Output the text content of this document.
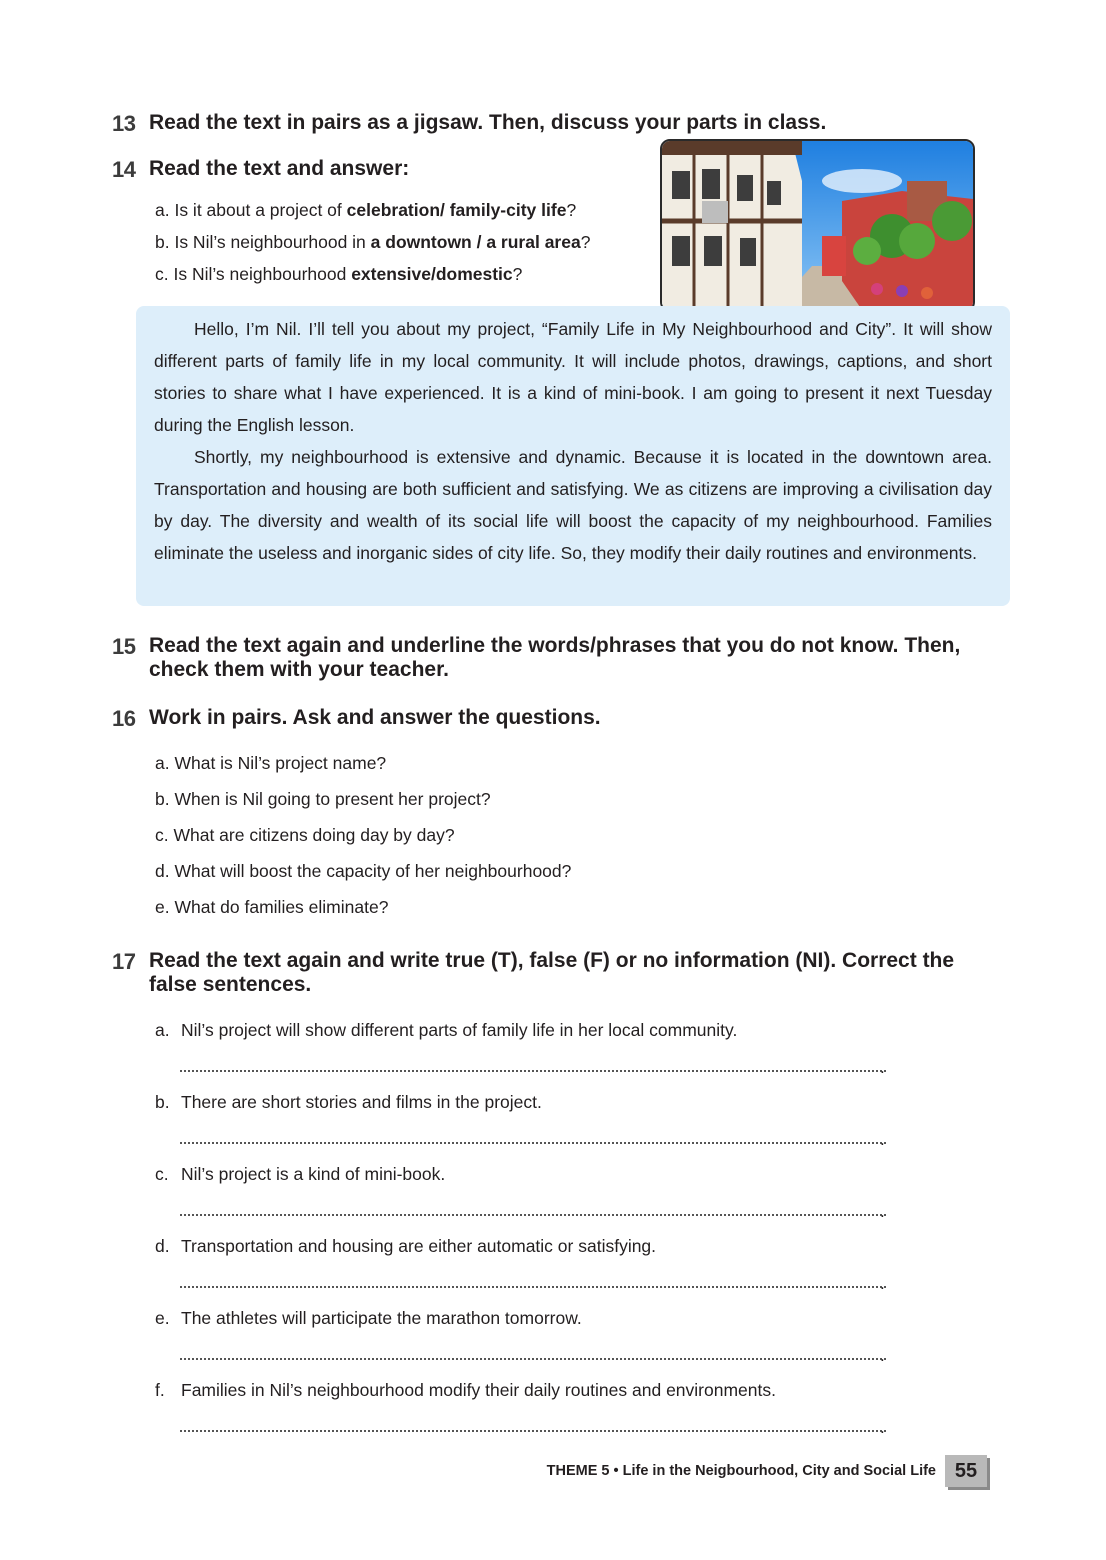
13 Read the text in pairs as a jigsaw. Then, discuss your parts in class.
14 Read the text and answer:
a. Is it about a project of celebration/ family-city life?
b. Is Nil’s neighbourhood in a downtown / a rural area?
c. Is Nil’s neighbourhood extensive/domestic?
Hello, I’m Nil. I’ll tell you about my project, “Family Life in My Neighbourhood and City”. It will show different parts of family life in my local community. It will include photos, drawings, captions, and short stories to share what I have experienced. It is a kind of mini-book. I am going to present it next Tuesday during the English lesson.
Shortly, my neighbourhood is extensive and dynamic. Because it is located in the downtown area. Transportation and housing are both sufficient and satisfying. We as citizens are improving a civilisation day by day. The diversity and wealth of its social life will boost the capacity of my neighbourhood. Families eliminate the useless and inorganic sides of city life. So, they modify their daily routines and environments.
15 Read the text again and underline the words/phrases that you do not know. Then, check them with your teacher.
16 Work in pairs. Ask and answer the questions.
a. What is Nil’s project name?
b. When is Nil going to present her project?
c. What are citizens doing day by day?
d. What will boost the capacity of her neighbourhood?
e. What do families eliminate?
17 Read the text again and write true (T), false (F) or no information (NI). Correct the false sentences.
a. Nil’s project will show different parts of family life in her local community.
.
b. There are short stories and films in the project.
.
c. Nil’s project is a kind of mini-book.
.
d. Transportation and housing are either automatic or satisfying.
.
e. The athletes will participate the marathon tomorrow.
.
f. Families in Nil’s neighbourhood modify their daily routines and environments.
.
THEME 5 • Life in the Neigbourhood, City and Social Life 55
